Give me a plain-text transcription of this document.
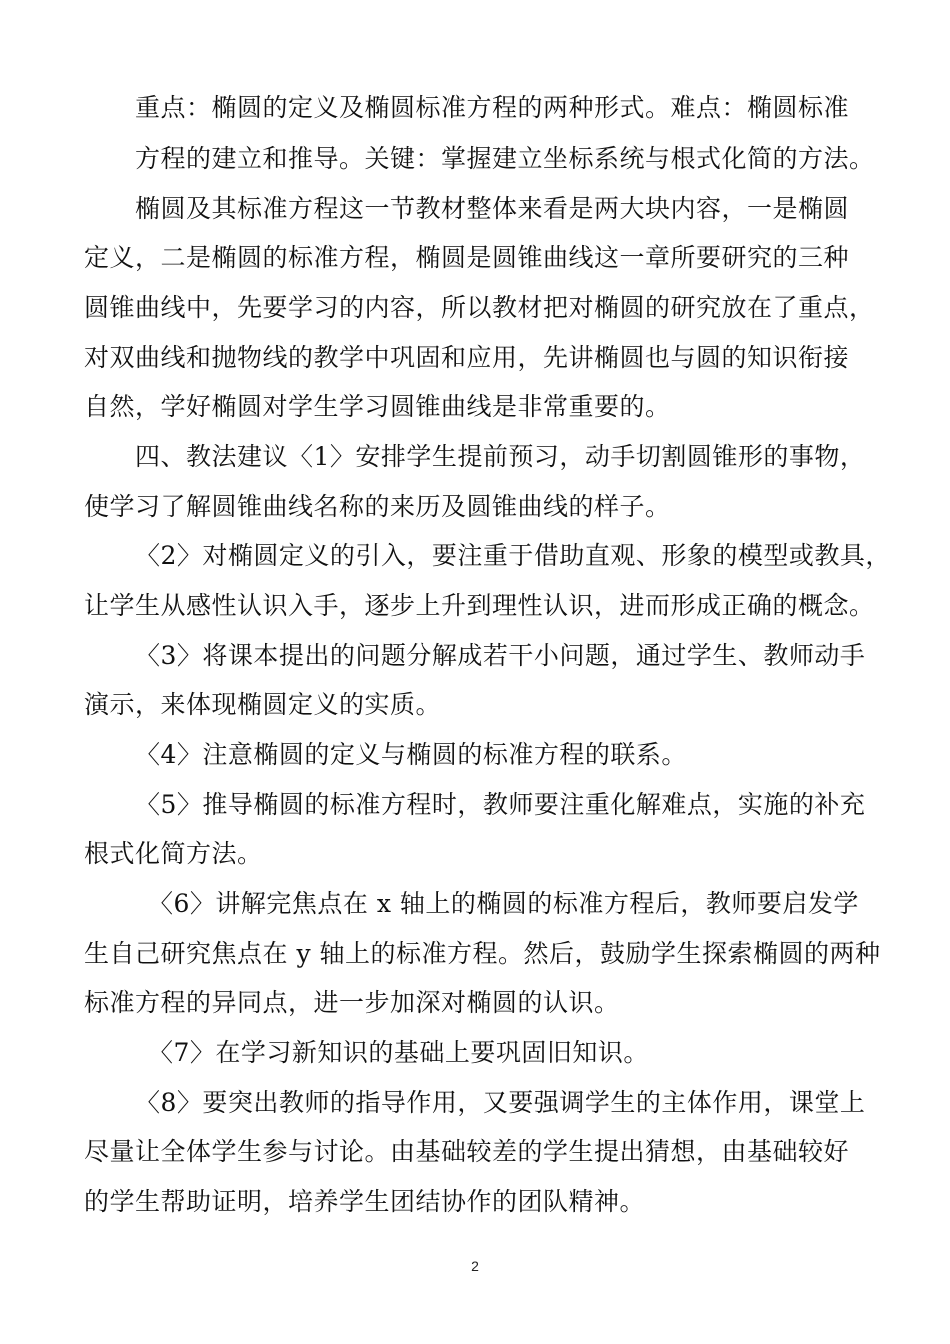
重点：椭圆的定义及椭圆标准方程的两种形式。难点：椭圆标准
方程的建立和推导。关键：掌握建立坐标系统与根式化简的方法。
椭圆及其标准方程这一节教材整体来看是两大块内容，一是椭圆
定义，二是椭圆的标准方程，椭圆是圆锥曲线这一章所要研究的三种
圆锥曲线中，先要学习的内容，所以教材把对椭圆的研究放在了重点，
对双曲线和抛物线的教学中巩固和应用，先讲椭圆也与圆的知识衔接
自然，学好椭圆对学生学习圆锥曲线是非常重要的。
四、教法建议〈1〉安排学生提前预习，动手切割圆锥形的事物，
使学习了解圆锥曲线名称的来历及圆锥曲线的样子。
〈2〉对椭圆定义的引入，要注重于借助直观、形象的模型或教具，
让学生从感性认识入手，逐步上升到理性认识，进而形成正确的概念。
〈3〉将课本提出的问题分解成若干小问题，通过学生、教师动手
演示，来体现椭圆定义的实质。
〈4〉注意椭圆的定义与椭圆的标准方程的联系。
〈5〉推导椭圆的标准方程时，教师要注重化解难点，实施的补充
根式化简方法。
〈6〉讲解完焦点在 x 轴上的椭圆的标准方程后，教师要启发学
生自己研究焦点在 y 轴上的标准方程。然后，鼓励学生探索椭圆的两种
标准方程的异同点，进一步加深对椭圆的认识。
〈7〉在学习新知识的基础上要巩固旧知识。
〈8〉要突出教师的指导作用，又要强调学生的主体作用，课堂上
尽量让全体学生参与讨论。由基础较差的学生提出猜想，由基础较好
的学生帮助证明，培养学生团结协作的团队精神。
2
